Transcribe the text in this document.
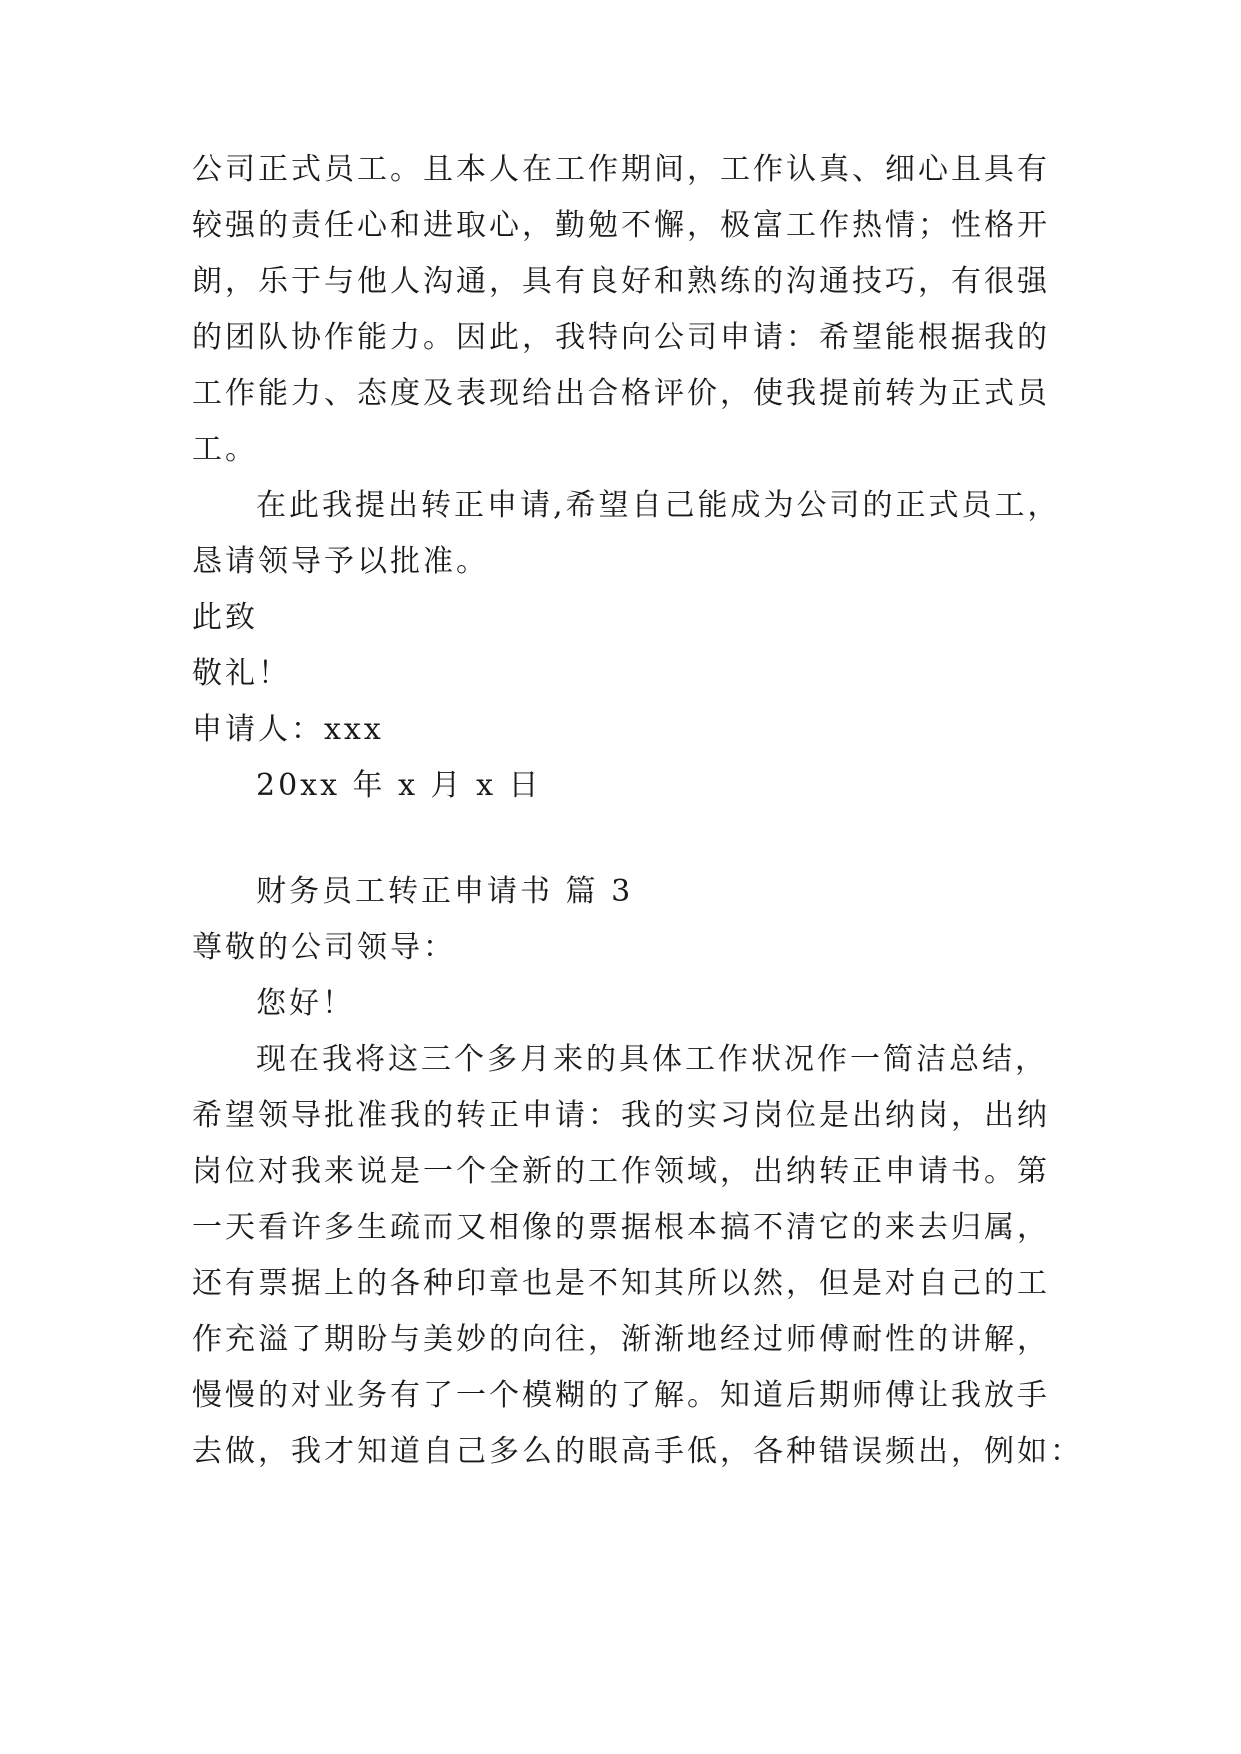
公司正式员工。且本人在工作期间，工作认真、细心且具有
较强的责任心和进取心，勤勉不懈，极富工作热情；性格开
朗，乐于与他人沟通，具有良好和熟练的沟通技巧，有很强
的团队协作能力。因此，我特向公司申请：希望能根据我的
工作能力、态度及表现给出合格评价，使我提前转为正式员
工。
在此我提出转正申请,希望自己能成为公司的正式员工，
恳请领导予以批准。
此致
敬礼！
申请人：xxx
20xx 年 x 月 x 日
财务员工转正申请书 篇 3
尊敬的公司领导：
您好！
现在我将这三个多月来的具体工作状况作一简洁总结，
希望领导批准我的转正申请：我的实习岗位是出纳岗，出纳
岗位对我来说是一个全新的工作领域，出纳转正申请书。第
一天看许多生疏而又相像的票据根本搞不清它的来去归属，
还有票据上的各种印章也是不知其所以然，但是对自己的工
作充溢了期盼与美妙的向往，渐渐地经过师傅耐性的讲解，
慢慢的对业务有了一个模糊的了解。知道后期师傅让我放手
去做，我才知道自己多么的眼高手低，各种错误频出，例如：
